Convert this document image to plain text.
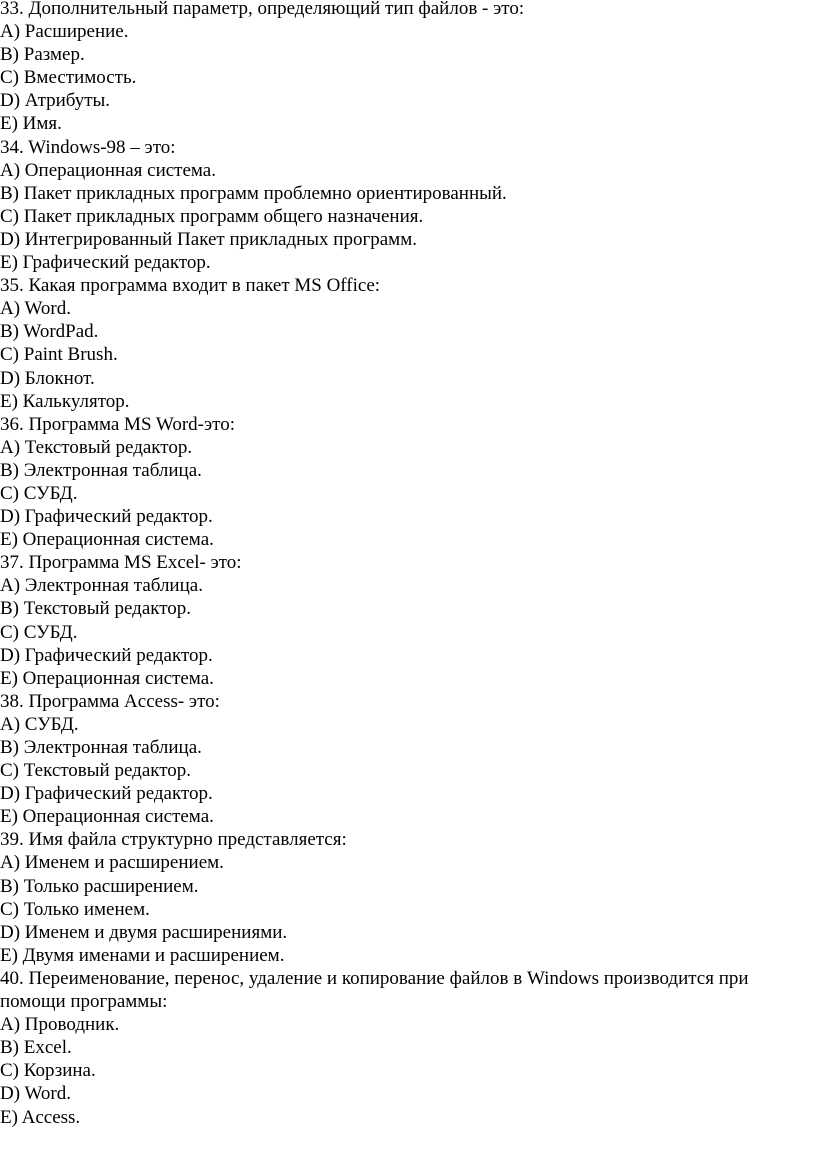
33. Дополнительный параметр, определяющий тип файлов - это:

A) Расширение.

B) Размер.

C) Вместимость.

D) Атрибуты.

E) Имя.

34. Windows-98 – это:

A) Операционная система.

B) Пакет прикладных программ проблемно ориентированный.

C) Пакет прикладных программ общего назначения.

D) Интегрированный Пакет прикладных программ.

E) Графический редактор.

35. Какая программа входит в пакет MS Office:

A) Word.

B) WordPad.

C) Paint Brush.

D) Блокнот.

E) Калькулятор.

36. Программа MS Word-это:

A) Текстовый редактор.

B) Электронная таблица.

C) СУБД.

D) Графический редактор.

E) Операционная система.

37. Программа MS Excel- это:

A) Электронная таблица.

B) Текстовый редактор.

C) СУБД.

D) Графический редактор.

E) Операционная система.

38. Программа Access- это:

A) СУБД.

B) Электронная таблица.

C) Текстовый редактор.

D) Графический редактор.

E) Операционная система.

39. Имя файла структурно представляется:

A) Именем и расширением.

B) Только расширением.

C) Только именем.

D) Именем и двумя расширениями.

E) Двумя именами и расширением.

40. Переименование, перенос, удаление и копирование файлов в Windows производится при помощи программы:

A) Проводник.

B) Excel.

C) Корзина.

D) Word.

E) Access.
